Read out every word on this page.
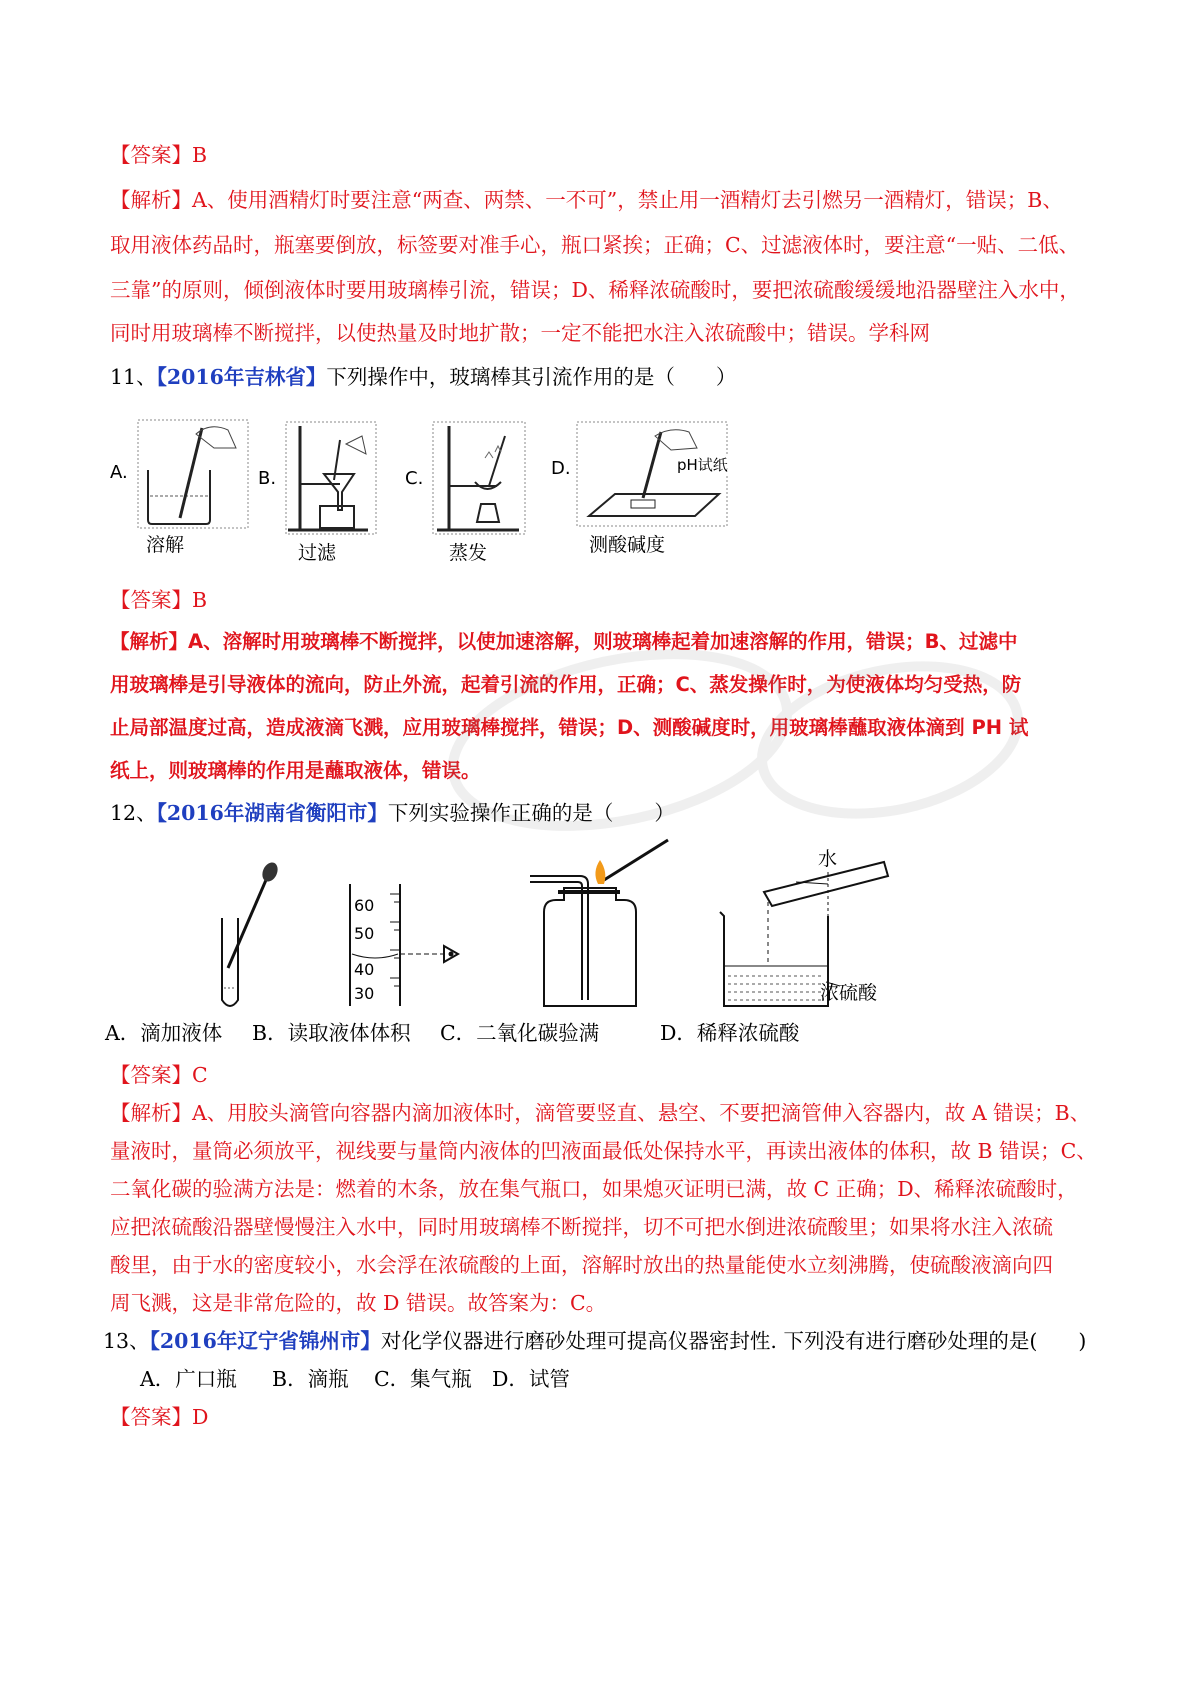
【答案】B
【解析】A、使用酒精灯时要注意“两查、两禁、一不可”，禁止用一酒精灯去引燃另一酒精灯，错误；B、
取用液体药品时，瓶塞要倒放，标签要对准手心，瓶口紧挨；正确；C、过滤液体时，要注意“一贴、二低、
三靠”的原则，倾倒液体时要用玻璃棒引流，错误；D、稀释浓硫酸时，要把浓硫酸缓缓地沿器壁注入水中，
同时用玻璃棒不断搅拌，以使热量及时地扩散；一定不能把水注入浓硫酸中；错误。学科网
11、【2016年吉林省】下列操作中，玻璃棒其引流作用的是（　　）
A.
溶解
B.
过滤
C.
蒸发
D.	pH试纸
测酸碱度
【答案】B
【解析】A、溶解时用玻璃棒不断搅拌，以使加速溶解，则玻璃棒起着加速溶解的作用，错误；B、过滤中
用玻璃棒是引导液体的流向，防止外流，起着引流的作用，正确；C、蒸发操作时，为使液体均匀受热，防
止局部温度过高，造成液滴飞溅，应用玻璃棒搅拌，错误；D、测酸碱度时，用玻璃棒蘸取液体滴到 PH 试
纸上，则玻璃棒的作用是蘸取液体，错误。
12、【2016年湖南省衡阳市】下列实验操作正确的是（　　）
60
50
40
30
水
浓硫酸
A．滴加液体 B．读取液体体积 C．二氧化碳验满	D．稀释浓硫酸
【答案】C
【解析】A、用胶头滴管向容器内滴加液体时，滴管要竖直、悬空、不要把滴管伸入容器内，故 A 错误；B、
量液时，量筒必须放平，视线要与量筒内液体的凹液面最低处保持水平，再读出液体的体积，故 B 错误；C、
二氧化碳的验满方法是：燃着的木条，放在集气瓶口，如果熄灭证明已满，故 C 正确；D、稀释浓硫酸时，
应把浓硫酸沿器壁慢慢注入水中，同时用玻璃棒不断搅拌，切不可把水倒进浓硫酸里；如果将水注入浓硫
酸里，由于水的密度较小，水会浮在浓硫酸的上面，溶解时放出的热量能使水立刻沸腾，使硫酸液滴向四
周飞溅，这是非常危险的，故 D 错误。故答案为：C。
13、【2016年辽宁省锦州市】对化学仪器进行磨砂处理可提高仪器密封性. 下列没有进行磨砂处理的是(　　)
A．广口瓶 B．滴瓶 C．集气瓶 D．试管
【答案】D
